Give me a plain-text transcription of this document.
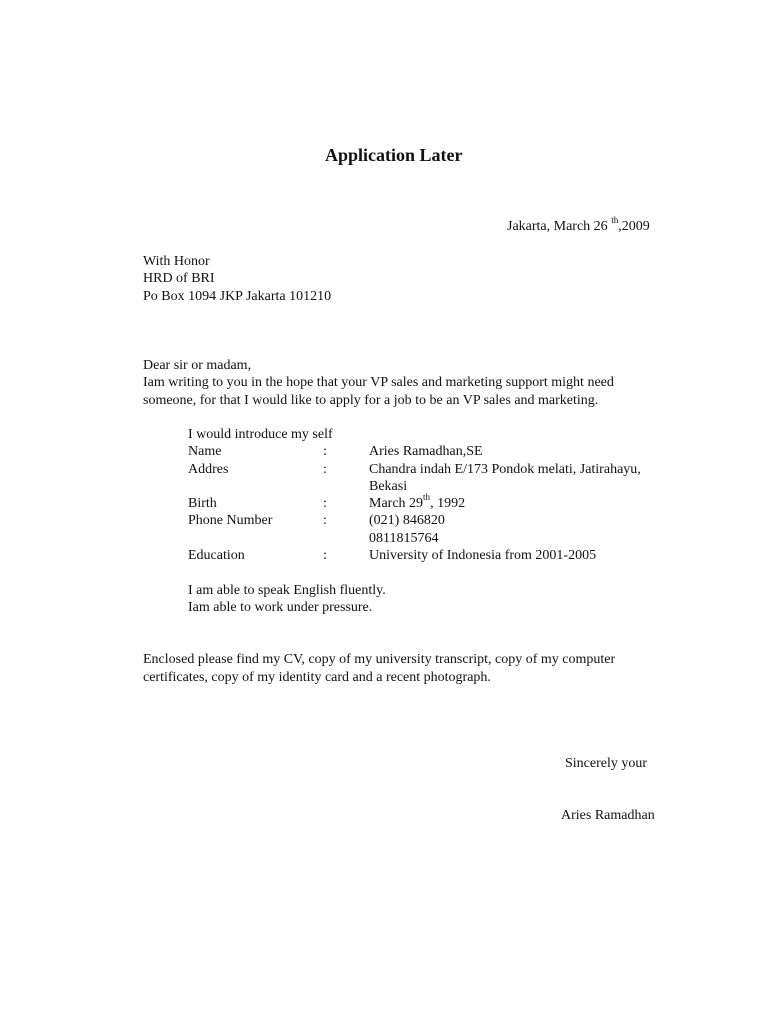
Application Later
Jakarta, March 26 $^{th}$,2009
With Honor
HRD of BRI
Po Box 1094 JKP Jakarta 101210
Dear sir or madam,
Iam writing to you in the hope that your VP sales and marketing support might need
someone, for that I would like to apply for a job to be an VP sales and marketing.
I would introduce my self
Name	:	Aries Ramadhan,SE
Addres	:	Chandra indah E/173 Pondok melati, Jatirahayu,
Bekasi
Birth	:	March 29th, 1992
Phone Number	:	(021) 846820
0811815764
Education	:	University of Indonesia from 2001-2005
I am able to speak English fluently.
Iam able to work under pressure.
Enclosed please find my CV, copy of my university transcript, copy of my computer
certificates, copy of my identity card and a recent photograph.
Sincerely your
Aries Ramadhan
